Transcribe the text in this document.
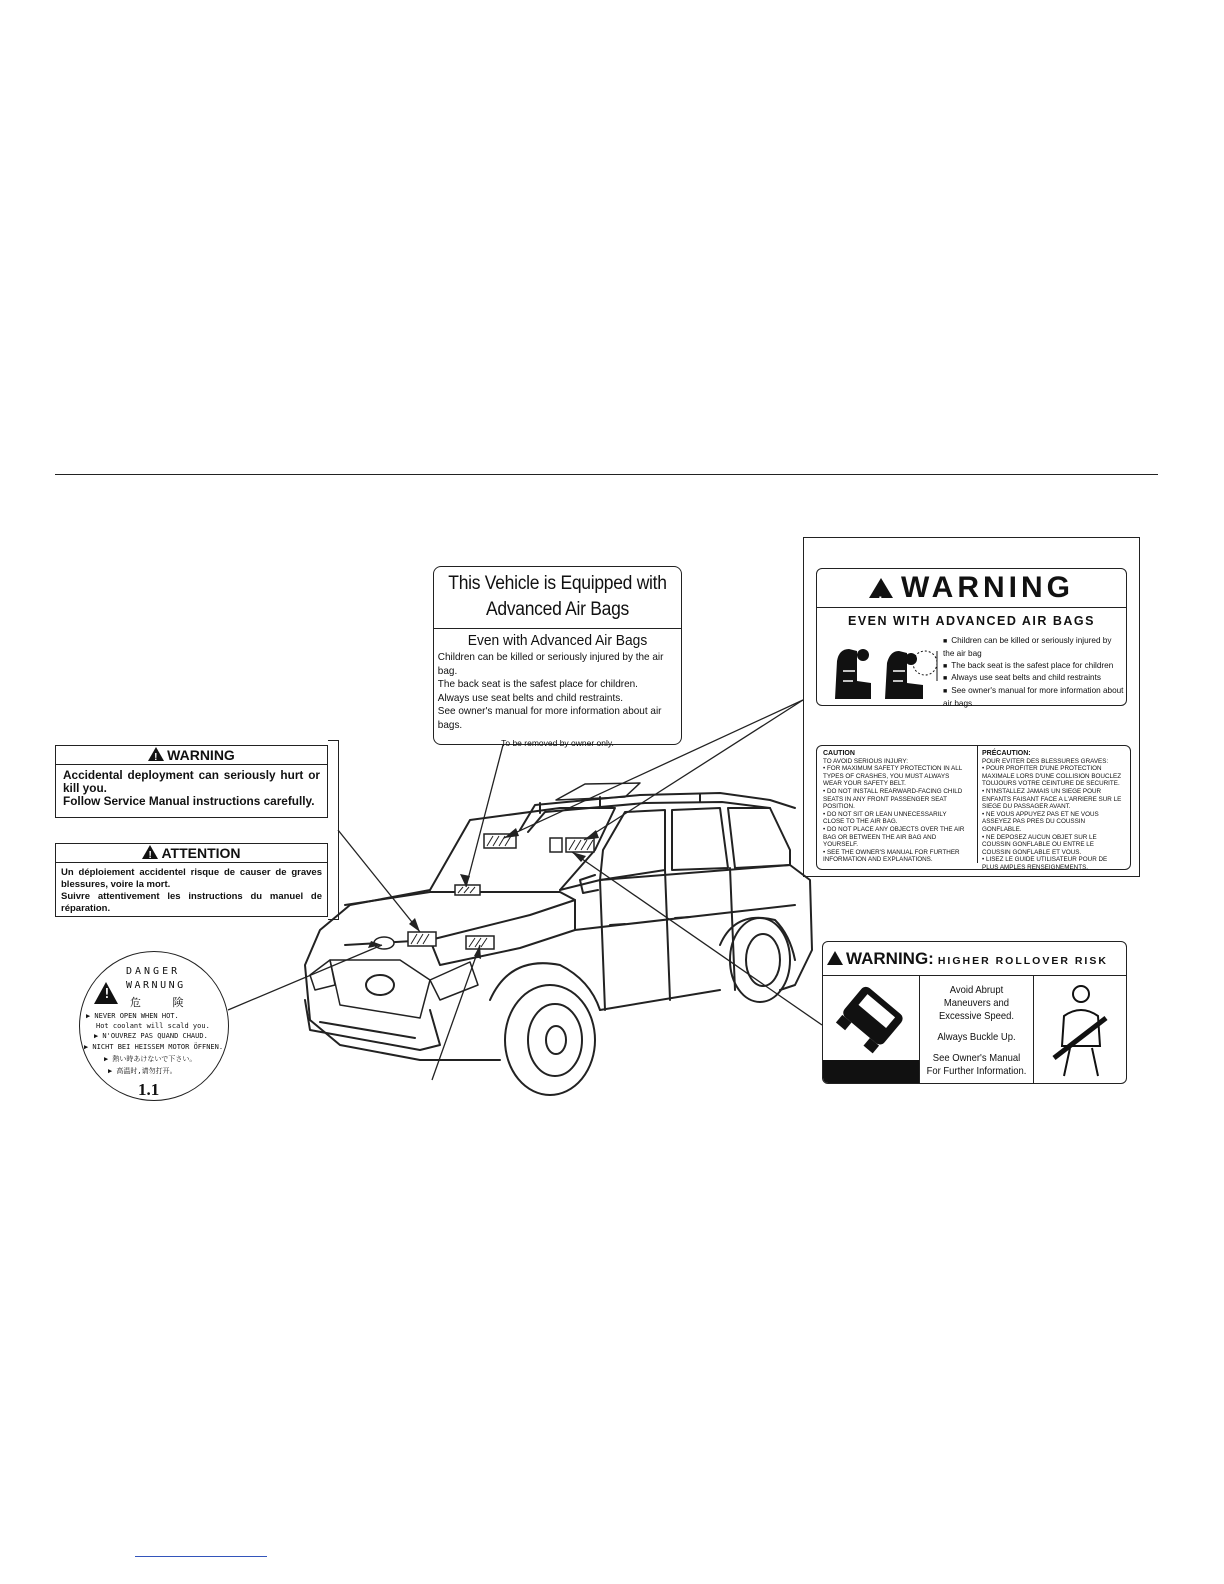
This Vehicle is Equipped with
Advanced Air Bags
Even with Advanced Air Bags
Children can be killed or seriously injured by the air bag.
The back seat is the safest place for children.
Always use seat belts and child restraints.
See owner's manual for more information about air bags.
To be removed by owner only.
!WARNING
EVEN WITH ADVANCED AIR BAGS
■ Children can be killed or seriously injured by the air bag
■ The back seat is the safest place for children
■ Always use seat belts and child restraints
■ See owner's manual for more information about air bags
CAUTION
TO AVOID SERIOUS INJURY:
• FOR MAXIMUM SAFETY PROTECTION IN ALL TYPES OF CRASHES, YOU MUST ALWAYS WEAR YOUR SAFETY BELT.
• DO NOT INSTALL REARWARD-FACING CHILD SEATS IN ANY FRONT PASSENGER SEAT POSITION.
• DO NOT SIT OR LEAN UNNECESSARILY CLOSE TO THE AIR BAG.
• DO NOT PLACE ANY OBJECTS OVER THE AIR BAG OR BETWEEN THE AIR BAG AND YOURSELF.
• SEE THE OWNER'S MANUAL FOR FURTHER INFORMATION AND EXPLANATIONS.
PRÉCAUTION:
POUR EVITER DES BLESSURES GRAVES:
• POUR PROFITER D'UNE PROTECTION MAXIMALE LORS D'UNE COLLISION BOUCLEZ TOUJOURS VOTRE CEINTURE DE SECURITE.
• N'INSTALLEZ JAMAIS UN SIEGE POUR ENFANTS FAISANT FACE A L'ARRIERE SUR LE SIEGE DU PASSAGER AVANT.
• NE VOUS APPUYEZ PAS ET NE VOUS ASSEYEZ PAS PRES DU COUSSIN GONFLABLE.
• NE DEPOSEZ AUCUN OBJET SUR LE COUSSIN GONFLABLE OU ENTRE LE COUSSIN GONFLABLE ET VOUS.
• LISEZ LE GUIDE UTILISATEUR POUR DE PLUS AMPLES RENSEIGNEMENTS.
!WARNING
Accidental deployment can seriously hurt or kill you.
Follow Service Manual instructions carefully.
!ATTENTION
Un déploiement accidentel risque de causer de graves blessures, voire la mort.
Suivre attentivement les instructions du manuel de réparation.
DANGER
WARNUNG
危 険
!
▶ NEVER OPEN WHEN HOT.
Hot coolant will scald you.
▶ N'OUVREZ PAS QUAND CHAUD.
▶ NICHT BEI HEISSEM MOTOR ÖFFNEN.
▶ 熱い時あけないで下さい。
▶ 高温时,请勿打开。
1.1
!WARNING: HIGHER ROLLOVER RISK
Avoid Abrupt Maneuvers and Excessive Speed.
Always Buckle Up.
See Owner's Manual For Further Information.
